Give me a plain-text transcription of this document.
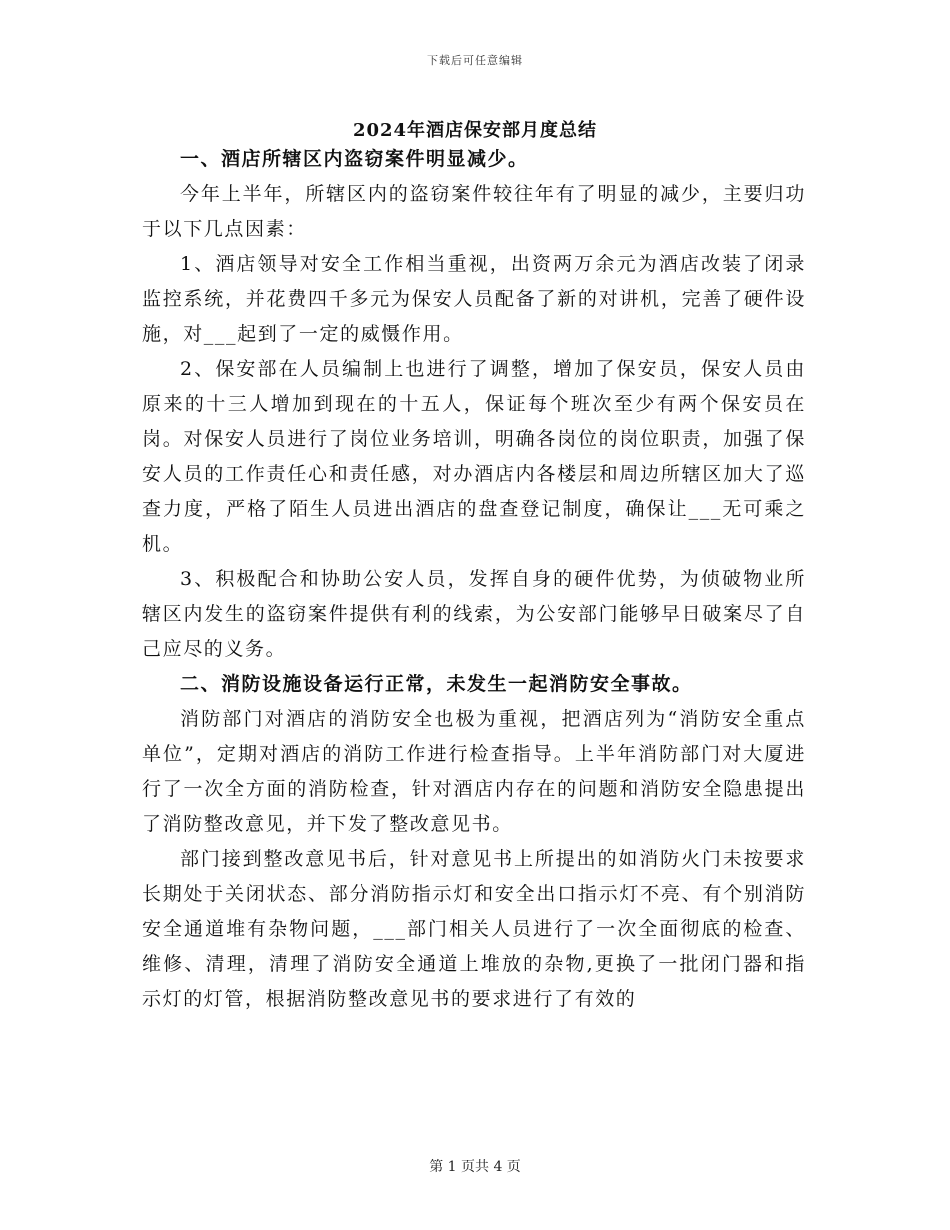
下载后可任意编辑
2024年酒店保安部月度总结

一、酒店所辖区内盗窃案件明显减少。

今年上半年，所辖区内的盗窃案件较往年有了明显的减少，主要归功于以下几点因素：

1、酒店领导对安全工作相当重视，出资两万余元为酒店改装了闭录监控系统，并花费四千多元为保安人员配备了新的对讲机，完善了硬件设施，对___起到了一定的威慑作用。

2、保安部在人员编制上也进行了调整，增加了保安员，保安人员由原来的十三人增加到现在的十五人，保证每个班次至少有两个保安员在岗。对保安人员进行了岗位业务培训，明确各岗位的岗位职责，加强了保安人员的工作责任心和责任感，对办酒店内各楼层和周边所辖区加大了巡查力度，严格了陌生人员进出酒店的盘查登记制度，确保让___无可乘之机。

3、积极配合和协助公安人员，发挥自身的硬件优势，为侦破物业所辖区内发生的盗窃案件提供有利的线索，为公安部门能够早日破案尽了自己应尽的义务。

二、消防设施设备运行正常，未发生一起消防安全事故。

消防部门对酒店的消防安全也极为重视，把酒店列为“消防安全重点单位”，定期对酒店的消防工作进行检查指导。上半年消防部门对大厦进行了一次全方面的消防检查，针对酒店内存在的问题和消防安全隐患提出了消防整改意见，并下发了整改意见书。

部门接到整改意见书后，针对意见书上所提出的如消防火门未按要求长期处于关闭状态、部分消防指示灯和安全出口指示灯不亮、有个别消防安全通道堆有杂物问题，___部门相关人员进行了一次全面彻底的检查、维修、清理，清理了消防安全通道上堆放的杂物,更换了一批闭门器和指示灯的灯管，根据消防整改意见书的要求进行了有效的

第 1 页共 4 页
